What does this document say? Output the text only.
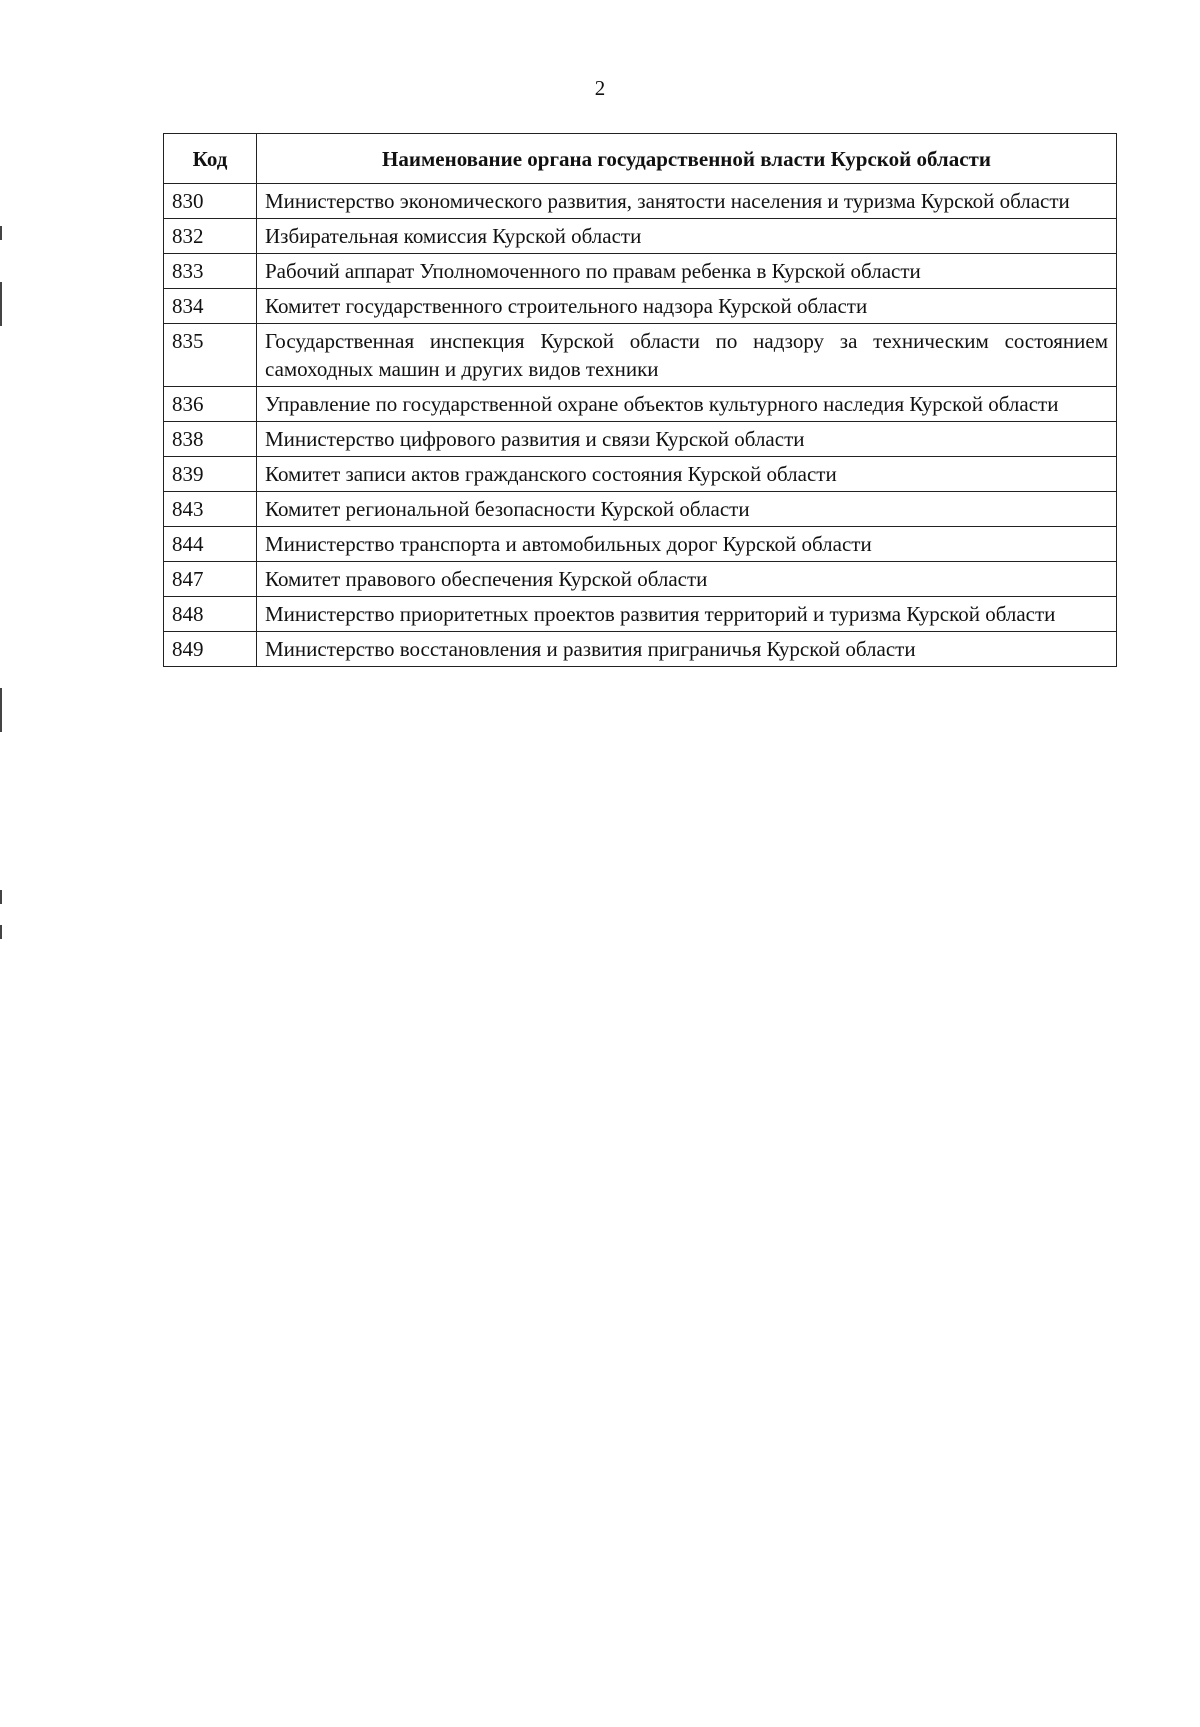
2
Код	Наименование органа государственной власти Курской области
830	Министерство экономического развития, занятости населения и туризма Курской области
832	Избирательная комиссия Курской области
833	Рабочий аппарат Уполномоченного по правам ребенка в Курской области
834	Комитет государственного строительного надзора Курской области
835	Государственная инспекция Курской области по надзору за техническим состоянием самоходных машин и других видов техники
836	Управление по государственной охране объектов культурного наследия Курской области
838	Министерство цифрового развития и связи Курской области
839	Комитет записи актов гражданского состояния Курской области
843	Комитет региональной безопасности Курской области
844	Министерство транспорта и автомобильных дорог Курской области
847	Комитет правового обеспечения Курской области
848	Министерство приоритетных проектов развития территорий и туризма Курской области
849	Министерство восстановления и развития приграничья Курской области
